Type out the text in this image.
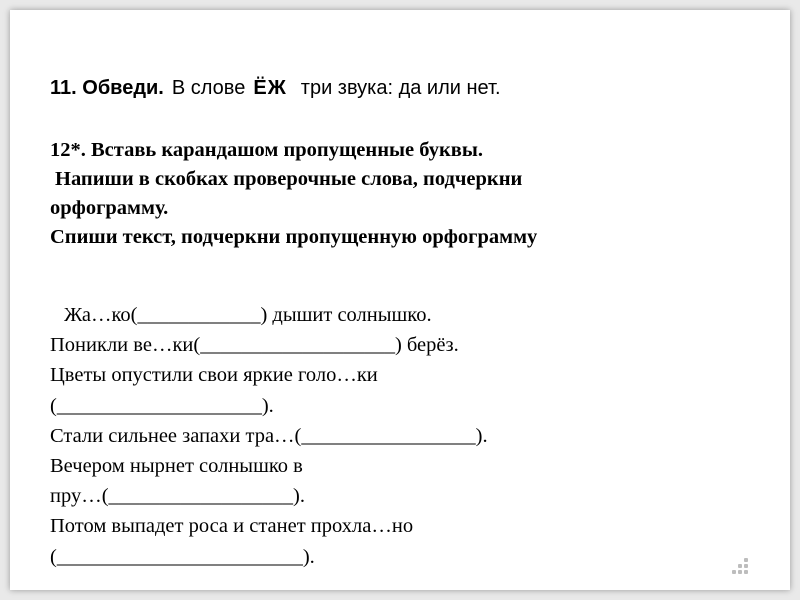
11. Обведи. В слове ЁЖ три звука: да или нет.
12*. Вставь карандашом пропущенные буквы.
Напиши в скобках проверочные слова, подчеркни
орфограмму.
Спиши текст, подчеркни пропущенную орфограмму
Жа…ко(____________) дышит солнышко.
Поникли ве…ки(___________________) берёз.
Цветы опустили свои яркие голо…ки
(____________________).
Стали сильнее запахи тра…(_________________).
Вечером нырнет солнышко в
пру…(__________________).
Потом выпадет роса и станет прохла…но
(________________________).
